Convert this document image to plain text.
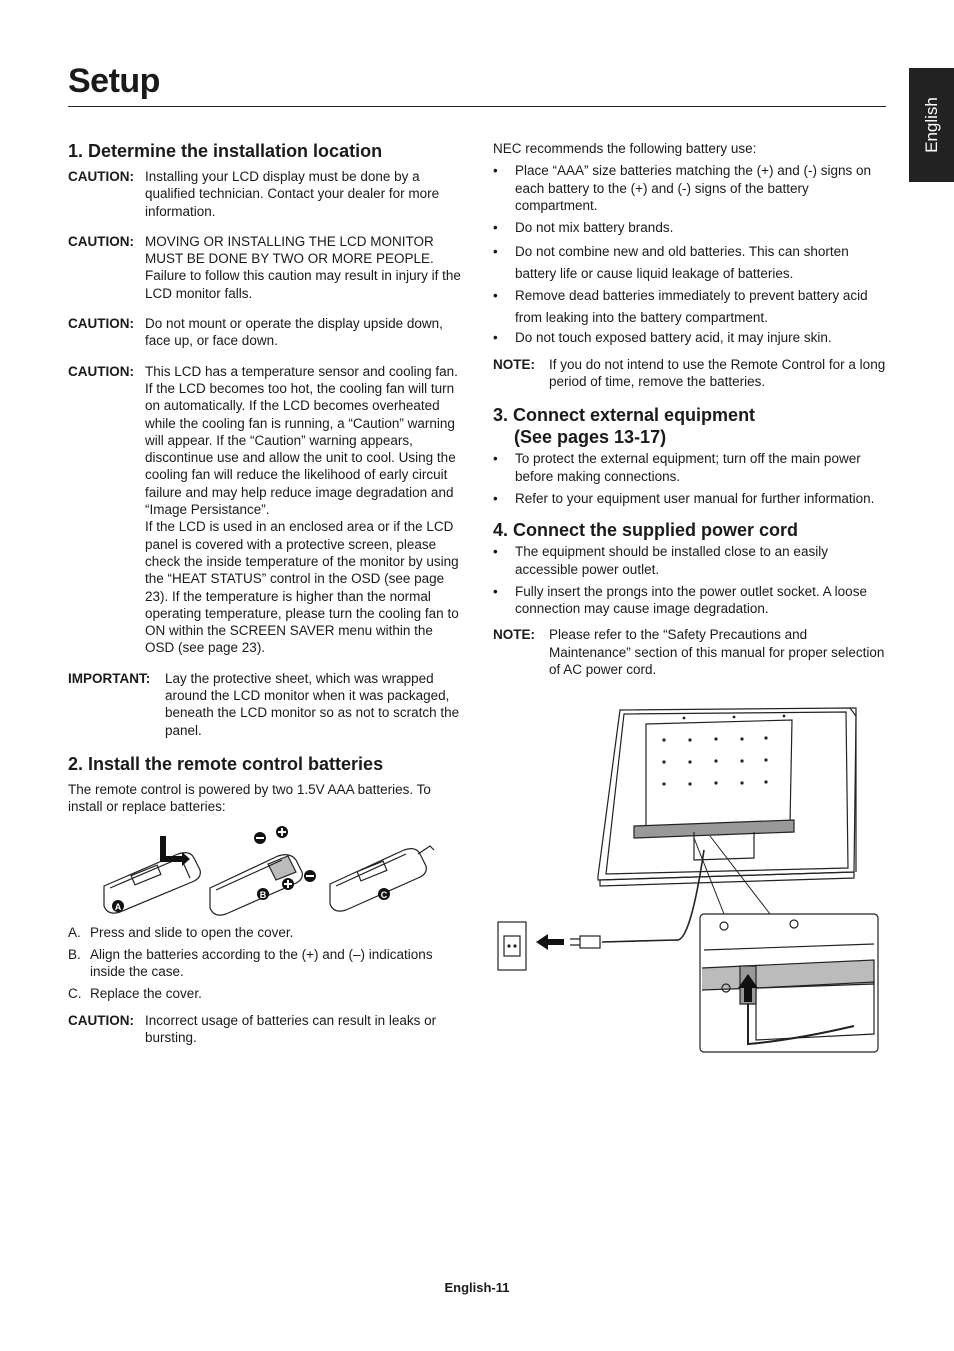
Setup
English
1. Determine the installation location
CAUTION: Installing your LCD display must be done by a qualified technician. Contact your dealer for more information.
CAUTION: MOVING OR INSTALLING THE LCD MONITOR MUST BE DONE BY TWO OR MORE PEOPLE. Failure to follow this caution may result in injury if the LCD monitor falls.
CAUTION: Do not mount or operate the display upside down, face up, or face down.
CAUTION: This LCD has a temperature sensor and cooling fan. If the LCD becomes too hot, the cooling fan will turn on automatically. If the LCD becomes overheated while the cooling fan is running, a “Caution” warning will appear. If the “Caution” warning appears, discontinue use and allow the unit to cool. Using the cooling fan will reduce the likelihood of early circuit failure and may help reduce image degradation and “Image Persistance”.
If the LCD is used in an enclosed area or if the LCD panel is covered with a protective screen, please check the inside temperature of the monitor by using the “HEAT STATUS” control in the OSD (see page 23). If the temperature is higher than the normal operating temperature, please turn the cooling fan to ON within the SCREEN SAVER menu within the OSD (see page 23).
IMPORTANT:	Lay the protective sheet, which was wrapped around the LCD monitor when it was packaged, beneath the LCD monitor so as not to scratch the panel.
2. Install the remote control batteries
The remote control is powered by two 1.5V AAA batteries. To install or replace batteries:
A
B	C
A. Press and slide to open the cover.
B. Align the batteries according to the (+) and (–) indications inside the case.
C. Replace the cover.
CAUTION: Incorrect usage of batteries can result in leaks or bursting.
NEC recommends the following battery use:
• Place “AAA” size batteries matching the (+) and (-) signs on each battery to the (+) and (-) signs of the battery compartment.
• Do not mix battery brands.
• Do not combine new and old batteries. This can shorten battery life or cause liquid leakage of batteries.
• Remove dead batteries immediately to prevent battery acid from leaking into the battery compartment.
• Do not touch exposed battery acid, it may injure skin.
NOTE:	If you do not intend to use the Remote Control for a long period of time, remove the batteries.
3. Connect external equipment
(See pages 13-17)
• To protect the external equipment; turn off the main power before making connections.
• Refer to your equipment user manual for further information.
4. Connect the supplied power cord
• The equipment should be installed close to an easily accessible power outlet.
• Fully insert the prongs into the power outlet socket. A loose connection may cause image degradation.
NOTE:	Please refer to the “Safety Precautions and Maintenance” section of this manual for proper selection of AC power cord.
English-11
